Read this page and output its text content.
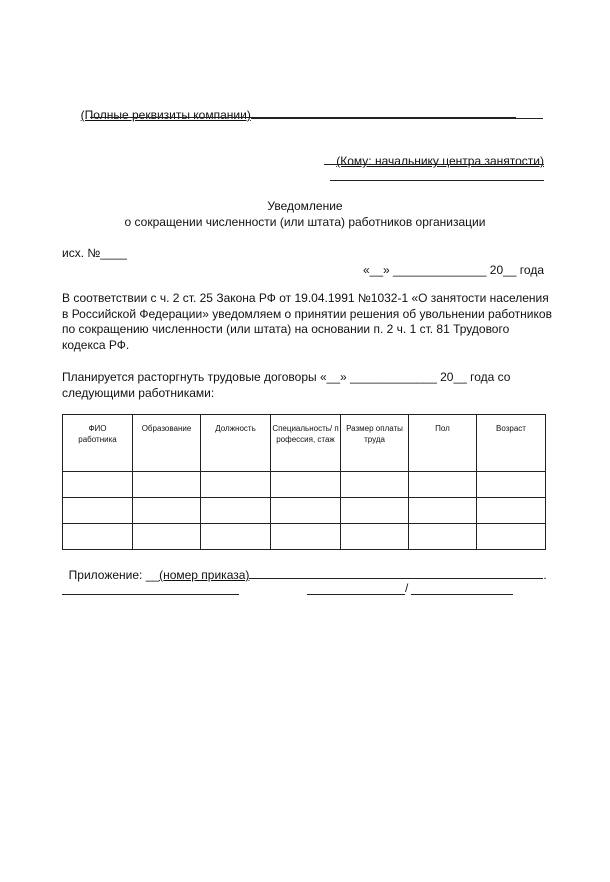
(Полные реквизиты компании)

(Кому: начальнику центра занятости)

Уведомление
о сокращении численности (или штата) работников организации
исх. №____
«__» ______________ 20__ года
В соответствии с ч. 2 ст. 25 Закона РФ от 19.04.1991 №1032-1 «О занятости населения в Российской Федерации» уведомляем о принятии решения об увольнении работников по сокращению численности (или штата) на основании п. 2 ч. 1 ст. 81 Трудового кодекса РФ.
Планируется расторгнуть трудовые договоры «__» _____________ 20__ года со следующими работниками:
ФИО работника	Образование	Должность	Специальность/ профессия, стаж	Размер оплаты труда	Пол	Возраст

Приложение: __(номер приказа)	.

/
